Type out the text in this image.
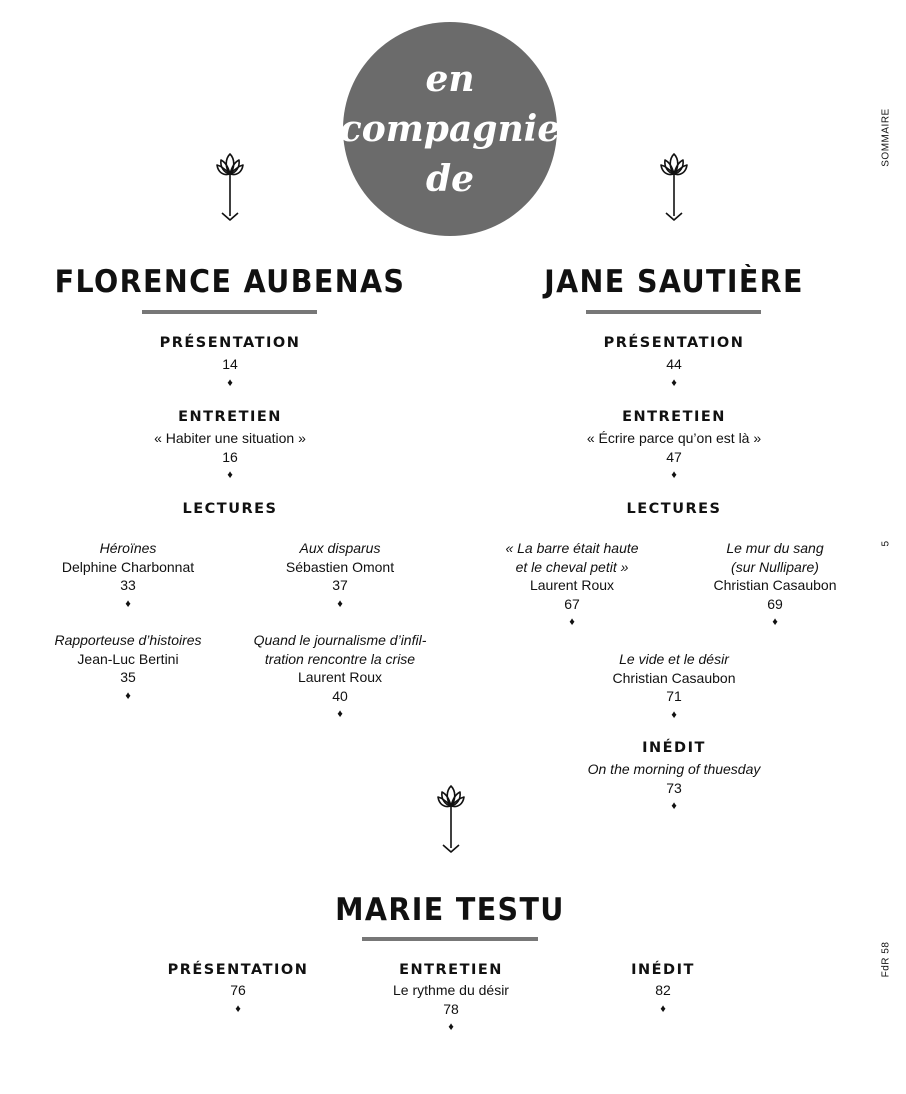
en
compagnie
de
SOMMAIRE
5
FdR 58
FLORENCE AUBENAS
PRÉSENTATION
14
♦
ENTRETIEN
« Habiter une situation »
16
♦
LECTURES
Héroïnes
Delphine Charbonnat
33
♦
Aux disparus
Sébastien Omont
37
♦
Rapporteuse d’histoires
Jean-Luc Bertini
35
♦
Quand le journalisme d’infil-
tration rencontre la crise
Laurent Roux
40
♦
JANE SAUTIÈRE
PRÉSENTATION
44
♦
ENTRETIEN
« Écrire parce qu’on est là »
47
♦
LECTURES
« La barre était haute
et le cheval petit »
Laurent Roux
67
♦
Le mur du sang
(sur Nullipare)
Christian Casaubon
69
♦
Le vide et le désir
Christian Casaubon
71
♦
INÉDIT
On the morning of thuesday
73
♦
MARIE TESTU
PRÉSENTATION
76
♦
ENTRETIEN
Le rythme du désir
78
♦
INÉDIT
82
♦
